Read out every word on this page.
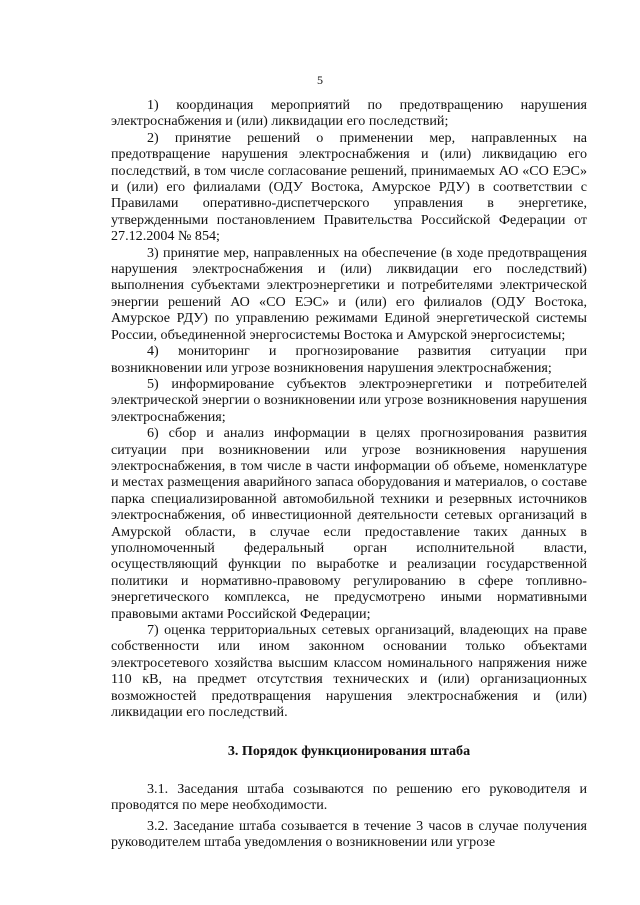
5

1) координация мероприятий по предотвращению нарушения электроснабжения и (или) ликвидации его последствий;

2) принятие решений о применении мер, направленных на предотвращение нарушения электроснабжения и (или) ликвидацию его последствий, в том числе согласование решений, принимаемых АО «СО ЕЭС» и (или) его филиалами (ОДУ Востока, Амурское РДУ) в соответствии с Правилами оперативно-диспетчерского управления в энергетике, утвержденными постановлением Правительства Российской Федерации от 27.12.2004 № 854;

3) принятие мер, направленных на обеспечение (в ходе предотвращения нарушения электроснабжения и (или) ликвидации его последствий) выполнения субъектами электроэнергетики и потребителями электрической энергии решений АО «СО ЕЭС» и (или) его филиалов (ОДУ Востока, Амурское РДУ) по управлению режимами Единой энергетической системы России, объединенной энергосистемы Востока и Амурской энергосистемы;

4) мониторинг и прогнозирование развития ситуации при возникновении или угрозе возникновения нарушения электроснабжения;

5) информирование субъектов электроэнергетики и потребителей электрической энергии о возникновении или угрозе возникновения нарушения электроснабжения;

6) сбор и анализ информации в целях прогнозирования развития ситуации при возникновении или угрозе возникновения нарушения электроснабжения, в том числе в части информации об объеме, номенклатуре и местах размещения аварийного запаса оборудования и материалов, о составе парка специализированной автомобильной техники и резервных источников электроснабжения, об инвестиционной деятельности сетевых организаций в Амурской области, в случае если предоставление таких данных в уполномоченный федеральный орган исполнительной власти, осуществляющий функции по выработке и реализации государственной политики и нормативно-правовому регулированию в сфере топливно-энергетического комплекса, не предусмотрено иными нормативными правовыми актами Российской Федерации;

7) оценка территориальных сетевых организаций, владеющих на праве собственности или ином законном основании только объектами электросетевого хозяйства высшим классом номинального напряжения ниже 110 кВ, на предмет отсутствия технических и (или) организационных возможностей предотвращения нарушения электроснабжения и (или) ликвидации его последствий.

3. Порядок функционирования штаба

3.1. Заседания штаба созываются по решению его руководителя и проводятся по мере необходимости.

3.2. Заседание штаба созывается в течение 3 часов в случае получения руководителем штаба уведомления о возникновении или угрозе
